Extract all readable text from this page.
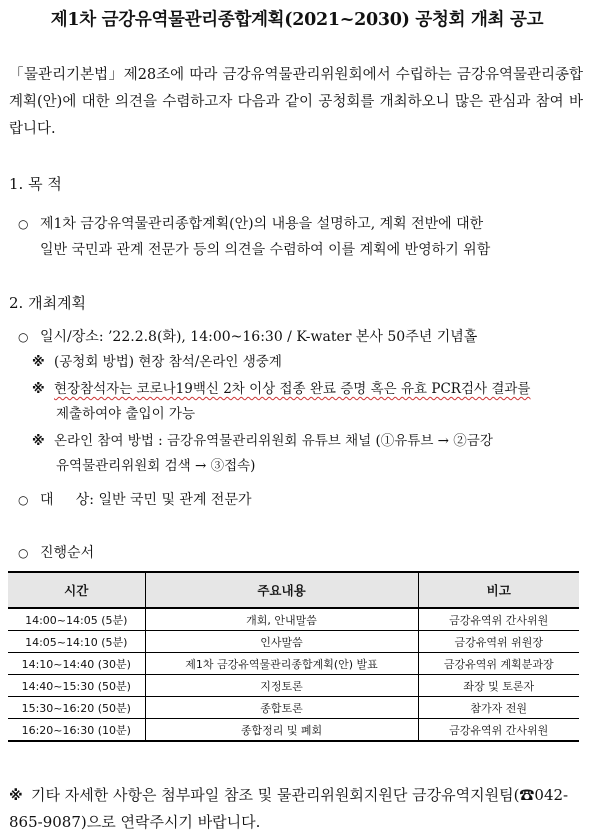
제1차 금강유역물관리종합계획(2021~2030) 공청회 개최 공고
「물관리기본법」제28조에 따라 금강유역물관리위원회에서 수립하는 금강유역물관리종합계획(안)에 대한 의견을 수렴하고자 다음과 같이 공청회를 개최하오니 많은 관심과 참여 바랍니다.
1. 목 적
○ 제1차 금강유역물관리종합계획(안)의 내용을 설명하고, 계획 전반에 대한
일반 국민과 관계 전문가 등의 의견을 수렴하여 이를 계획에 반영하기 위함
2. 개최계획
○ 일시/장소: ’22.2.8(화), 14:00~16:30 / K-water 본사 50주년 기념홀
※ (공청회 방법) 현장 참석/온라인 생중계
※ 현장참석자는 코로나19백신 2차 이상 접종 완료 증명 혹은 유효 PCR검사 결과를
제출하여야 출입이 가능
※ 온라인 참여 방법 : 금강유역물관리위원회 유튜브 채널 (①유튜브 → ②금강
유역물관리위원회 검색 → ③접속)
○ 대     상: 일반 국민 및 관계 전문가
○ 진행순서
시간	주요내용	비고
14:00~14:05 (5분)	개회, 안내말씀	금강유역위 간사위원
14:05~14:10 (5분)	인사말씀	금강유역위 위원장
14:10~14:40 (30분)	제1차 금강유역물관리종합계획(안) 발표	금강유역위 계획분과장
14:40~15:30 (50분)	지정토론	좌장 및 토론자
15:30~16:20 (50분)	종합토론	참가자 전원
16:20~16:30 (10분)	종합정리 및 폐회	금강유역위 간사위원
※ 기타 자세한 사항은 첨부파일 참조 및 물관리위원회지원단 금강유역지원팀(☎042-865-9087)으로 연락주시기 바랍니다.
